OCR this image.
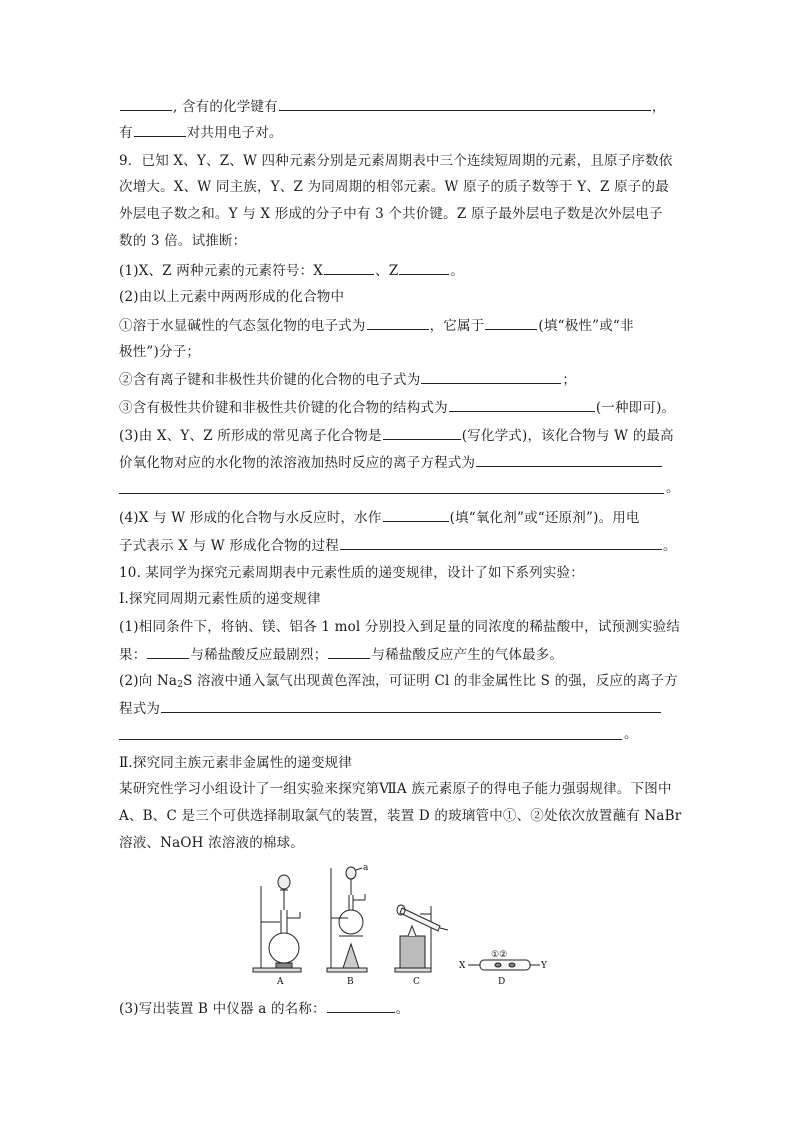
, 含有的化学键有	，
有	对共用电子对。
9．已知 X、Y、Z、W 四种元素分别是元素周期表中三个连续短周期的元素，且原子序数依
次增大。X、W 同主族，Y、Z 为同周期的相邻元素。W 原子的质子数等于 Y、Z 原子的最
外层电子数之和。Y 与 X 形成的分子中有 3 个共价键。Z 原子最外层电子数是次外层电子
数的 3 倍。试推断：
(1)X、Z 两种元素的元素符号：X	、Z	。
(2)由以上元素中两两形成的化合物中
①溶于水显碱性的气态氢化物的电子式为	，它属于	(填“极性”或“非
极性”)分子；
②含有离子键和非极性共价键的化合物的电子式为	；
③含有极性共价键和非极性共价键的化合物的结构式为	(一种即可)。
(3)由 X、Y、Z 所形成的常见离子化合物是	(写化学式)，该化合物与 W 的最高
价氧化物对应的水化物的浓溶液加热时反应的离子方程式为
。
(4)X 与 W 形成的化合物与水反应时，水作	(填“氧化剂”或“还原剂”)。用电
子式表示 X 与 W 形成化合物的过程	。
10. 某同学为探究元素周期表中元素性质的递变规律，设计了如下系列实验：
Ⅰ.探究同周期元素性质的递变规律
(1)相同条件下，将钠、镁、铝各 1 mol 分别投入到足量的同浓度的稀盐酸中，试预测实验结
果：	与稀盐酸反应最剧烈；	与稀盐酸反应产生的气体最多。
(2)向 $Na_2S$ 溶液中通入氯气出现黄色浑浊，可证明 Cl 的非金属性比 S 的强，反应的离子方
程式为
。
Ⅱ.探究同主族元素非金属性的递变规律
某研究性学习小组设计了一组实验来探究第ⅦA 族元素原子的得电子能力强弱规律。下图中
A、B、C 是三个可供选择制取氯气的装置，装置 D 的玻璃管中①、②处依次放置蘸有 NaBr
溶液、NaOH 浓溶液的棉球。
A	B	C	D
a
X	Y
①②
(3)写出装置 B 中仪器 a 的名称：	。
